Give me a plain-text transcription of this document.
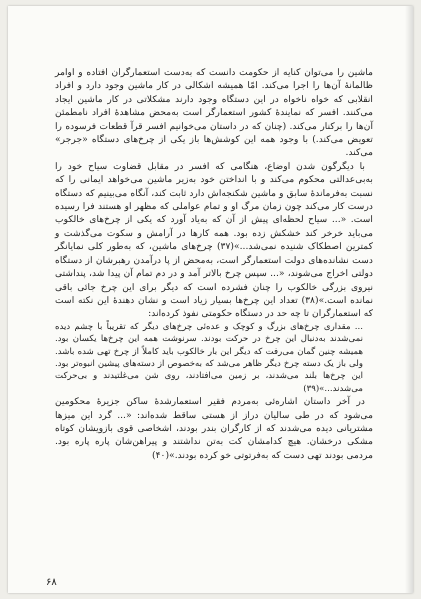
ماشین را می‌توان کنایه از حکومت دانست که به‌دست استعمارگران افتاده و اوامر ظالمانهٔ آن‌ها را اجرا می‌کند. امّا همیشه اشکالی در کار ماشین وجود دارد و افراد انقلابی که خواه ناخواه در این دستگاه وجود دارند مشکلاتی در کار ماشین ایجاد می‌کنند. افسر که نمایندهٔ کشور استعمارگر است به‌محض مشاهدهٔ افراد نامطمئن آن‌ها را برکنار می‌کند. (چنان که در داستان می‌خوانیم افسر قرآ قطعات فرسوده را تعویض می‌کند.) با وجود همه این کوشش‌ها باز یکی از چرخ‌های دستگاه «جرجر» می‌کند.

با دیگرگون شدن اوضاع، هنگامی که افسر در مقابل قضاوت سیاح خود را به‌بی‌عدالتی محکوم می‌کند و با انداختن خود به‌زیر ماشین می‌خواهد ایمانی را که نسبت به‌فرماندهٔ سابق و ماشین شکنجه‌اش دارد ثابت کند، آنگاه می‌بینیم که دستگاه درست کار می‌کند چون زمان مرگ او و تمام عواملی که مظهر او هستند فرا رسیده است. «... سیاح لحظه‌ای پیش از آن که به‌یاد آورد که یکی از چرخ‌های خالکوب می‌باید خرخر کند خشکش زده بود. همه کارها در آرامش و سکوت می‌گذشت و کمترین اصطکاک شنیده نمی‌شد...»(۳۷) چرخ‌های ماشین، که به‌طور کلی نمایانگر دست نشانده‌های دولت استعمارگر است، به‌محض از پا درآمدن رهبرشان از دستگاه دولتی اخراج می‌شوند، «... سپس چرخ بالاتر آمد و در دم تمام آن پیدا شد، پنداشتی نیروی بزرگی خالکوب را چنان فشرده است که دیگر برای این چرخ جائی باقی نمانده است.»(۳۸) تعداد این چرخ‌ها بسیار زیاد است و نشان دهندهٔ این نکته است که استعمارگران تا چه حد در دستگاه حکومتی نفوذ کرده‌اند:

... مقداری چرخ‌های بزرگ و کوچک و عده‌ئی چرخ‌های دیگر که تقریباً با چشم دیده نمی‌شدند به‌دنبال این چرخ در حرکت بودند. سرنوشت همه این چرخ‌ها یکسان بود. همیشه چنین گمان می‌رفت که دیگر این بار خالکوب باید کاملاً از چرخ تهی شده باشد. ولی باز یک دسته چرخ دیگر ظاهر می‌شد که به‌خصوص از دسته‌های پیشین انبوه‌تر بود. این چرخ‌ها بلند می‌شدند، بر زمین می‌افتادند، روی شن می‌غلتیدند و بی‌حرکت می‌شدند...»(۳۹)

در آخر داستان اشاره‌ئی به‌مردم فقیر استعمارشدهٔ ساکن جزیرهٔ محکومین می‌شود که در طی سالیان دراز از هستی ساقط شده‌اند: «... گرد این میزها مشتریانی دیده می‌شدند که از کارگران بندر بودند، اشخاصی قوی بازویشان کوتاه مشکی درخشان. هیچ کدامشان کت به‌تن نداشتند و پیراهن‌شان پاره پاره بود. مردمی بودند تهی دست که به‌فرتوتی خو کرده بودند.»(۴۰)

۶۸
